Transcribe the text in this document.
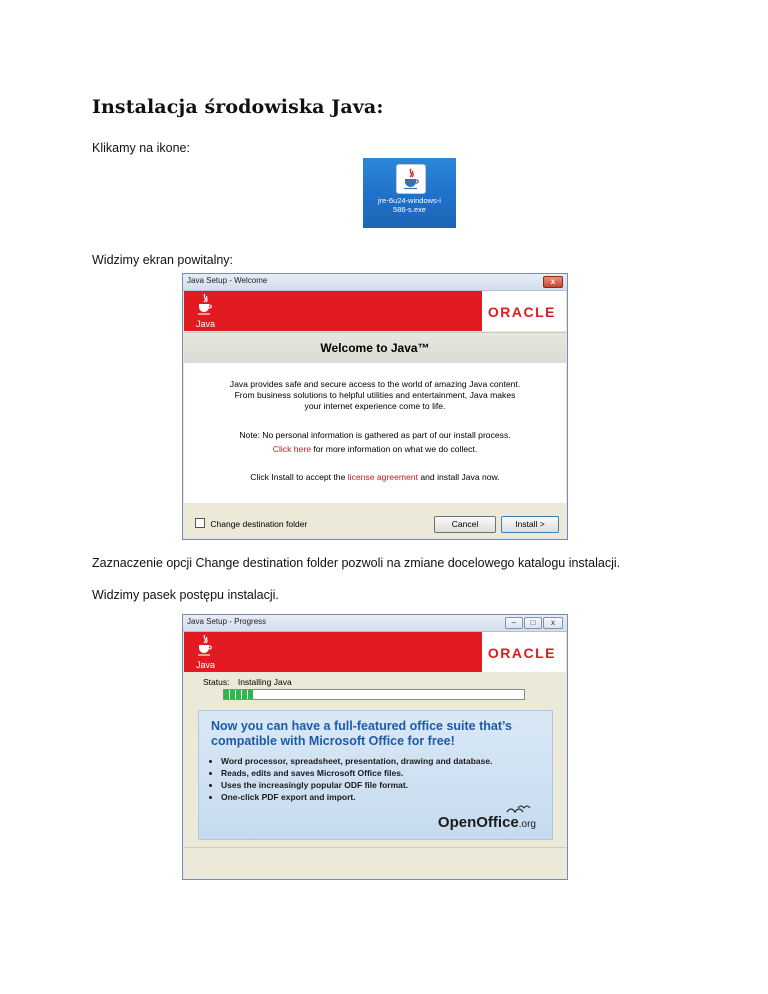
Instalacja środowiska Java:
Klikamy na ikone:
jre-6u24-windows-i
586-s.exe
Widzimy ekran powitalny:
Java Setup - Welcome	x
Java
ORACLE
Welcome to Java™
Java provides safe and secure access to the world of amazing Java content.
From business solutions to helpful utilities and entertainment, Java makes
your internet experience come to life.
Note: No personal information is gathered as part of our install process.
Click here for more information on what we do collect.
Click Install to accept the license agreement and install Java now.
Change destination folder	Cancel	Install >
Zaznaczenie opcji Change destination folder pozwoli na zmiane docelowego katalogu instalacji.
Widzimy pasek postępu instalacji.
Java Setup - Progress	–	□	x
Java
ORACLE
Status: Installing Java
Now you can have a full-featured office suite that’s
compatible with Microsoft Office for free!
• Word processor, spreadsheet, presentation, drawing and database.
• Reads, edits and saves Microsoft Office files.
• Uses the increasingly popular ODF file format.
• One-click PDF export and import.
OpenOffice.org
